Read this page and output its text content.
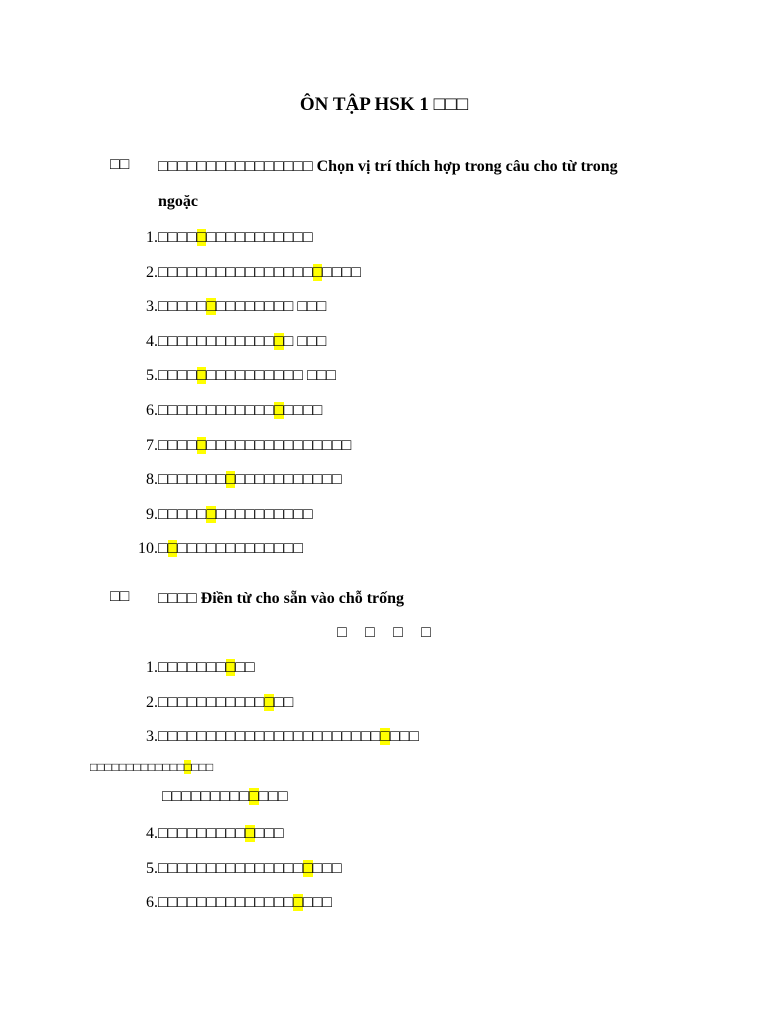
ÔN TẬP HSK 1 □□□
□□	□□□□□□□□□□□□□□□□ Chọn vị trí thích hợp trong câu cho từ trong ngoặc
1. □□□□□□□□□□□□□□□□
2. □□□□□□□□□□□□□□□□□□□□□
3. □□□□□□□□□□□□□□ □□□
4. □□□□□□□□□□□□□□ □□□
5. □□□□□□□□□□□□□□□ □□□
6. □□□□□□□□□□□□□□□□□
7. □□□□□□□□□□□□□□□□□□□□
8. □□□□□□□□□□□□□□□□□□□
9. □□□□□□□□□□□□□□□□
10. □□□□□□□□□□□□□□□
□□	□□□□ Điền từ cho sẵn vào chỗ trống
□ □ □ □
1. □□□□□□□□□□
2. □□□□□□□□□□□□□□
3. □□□□□□□□□□□□□□□□□□□□□□□□□□□
□□□□□□□□□□□□□□□□□
□□□□□□□□□□□□□
4. □□□□□□□□□□□□□
5. □□□□□□□□□□□□□□□□□□□
6. □□□□□□□□□□□□□□□□□□
